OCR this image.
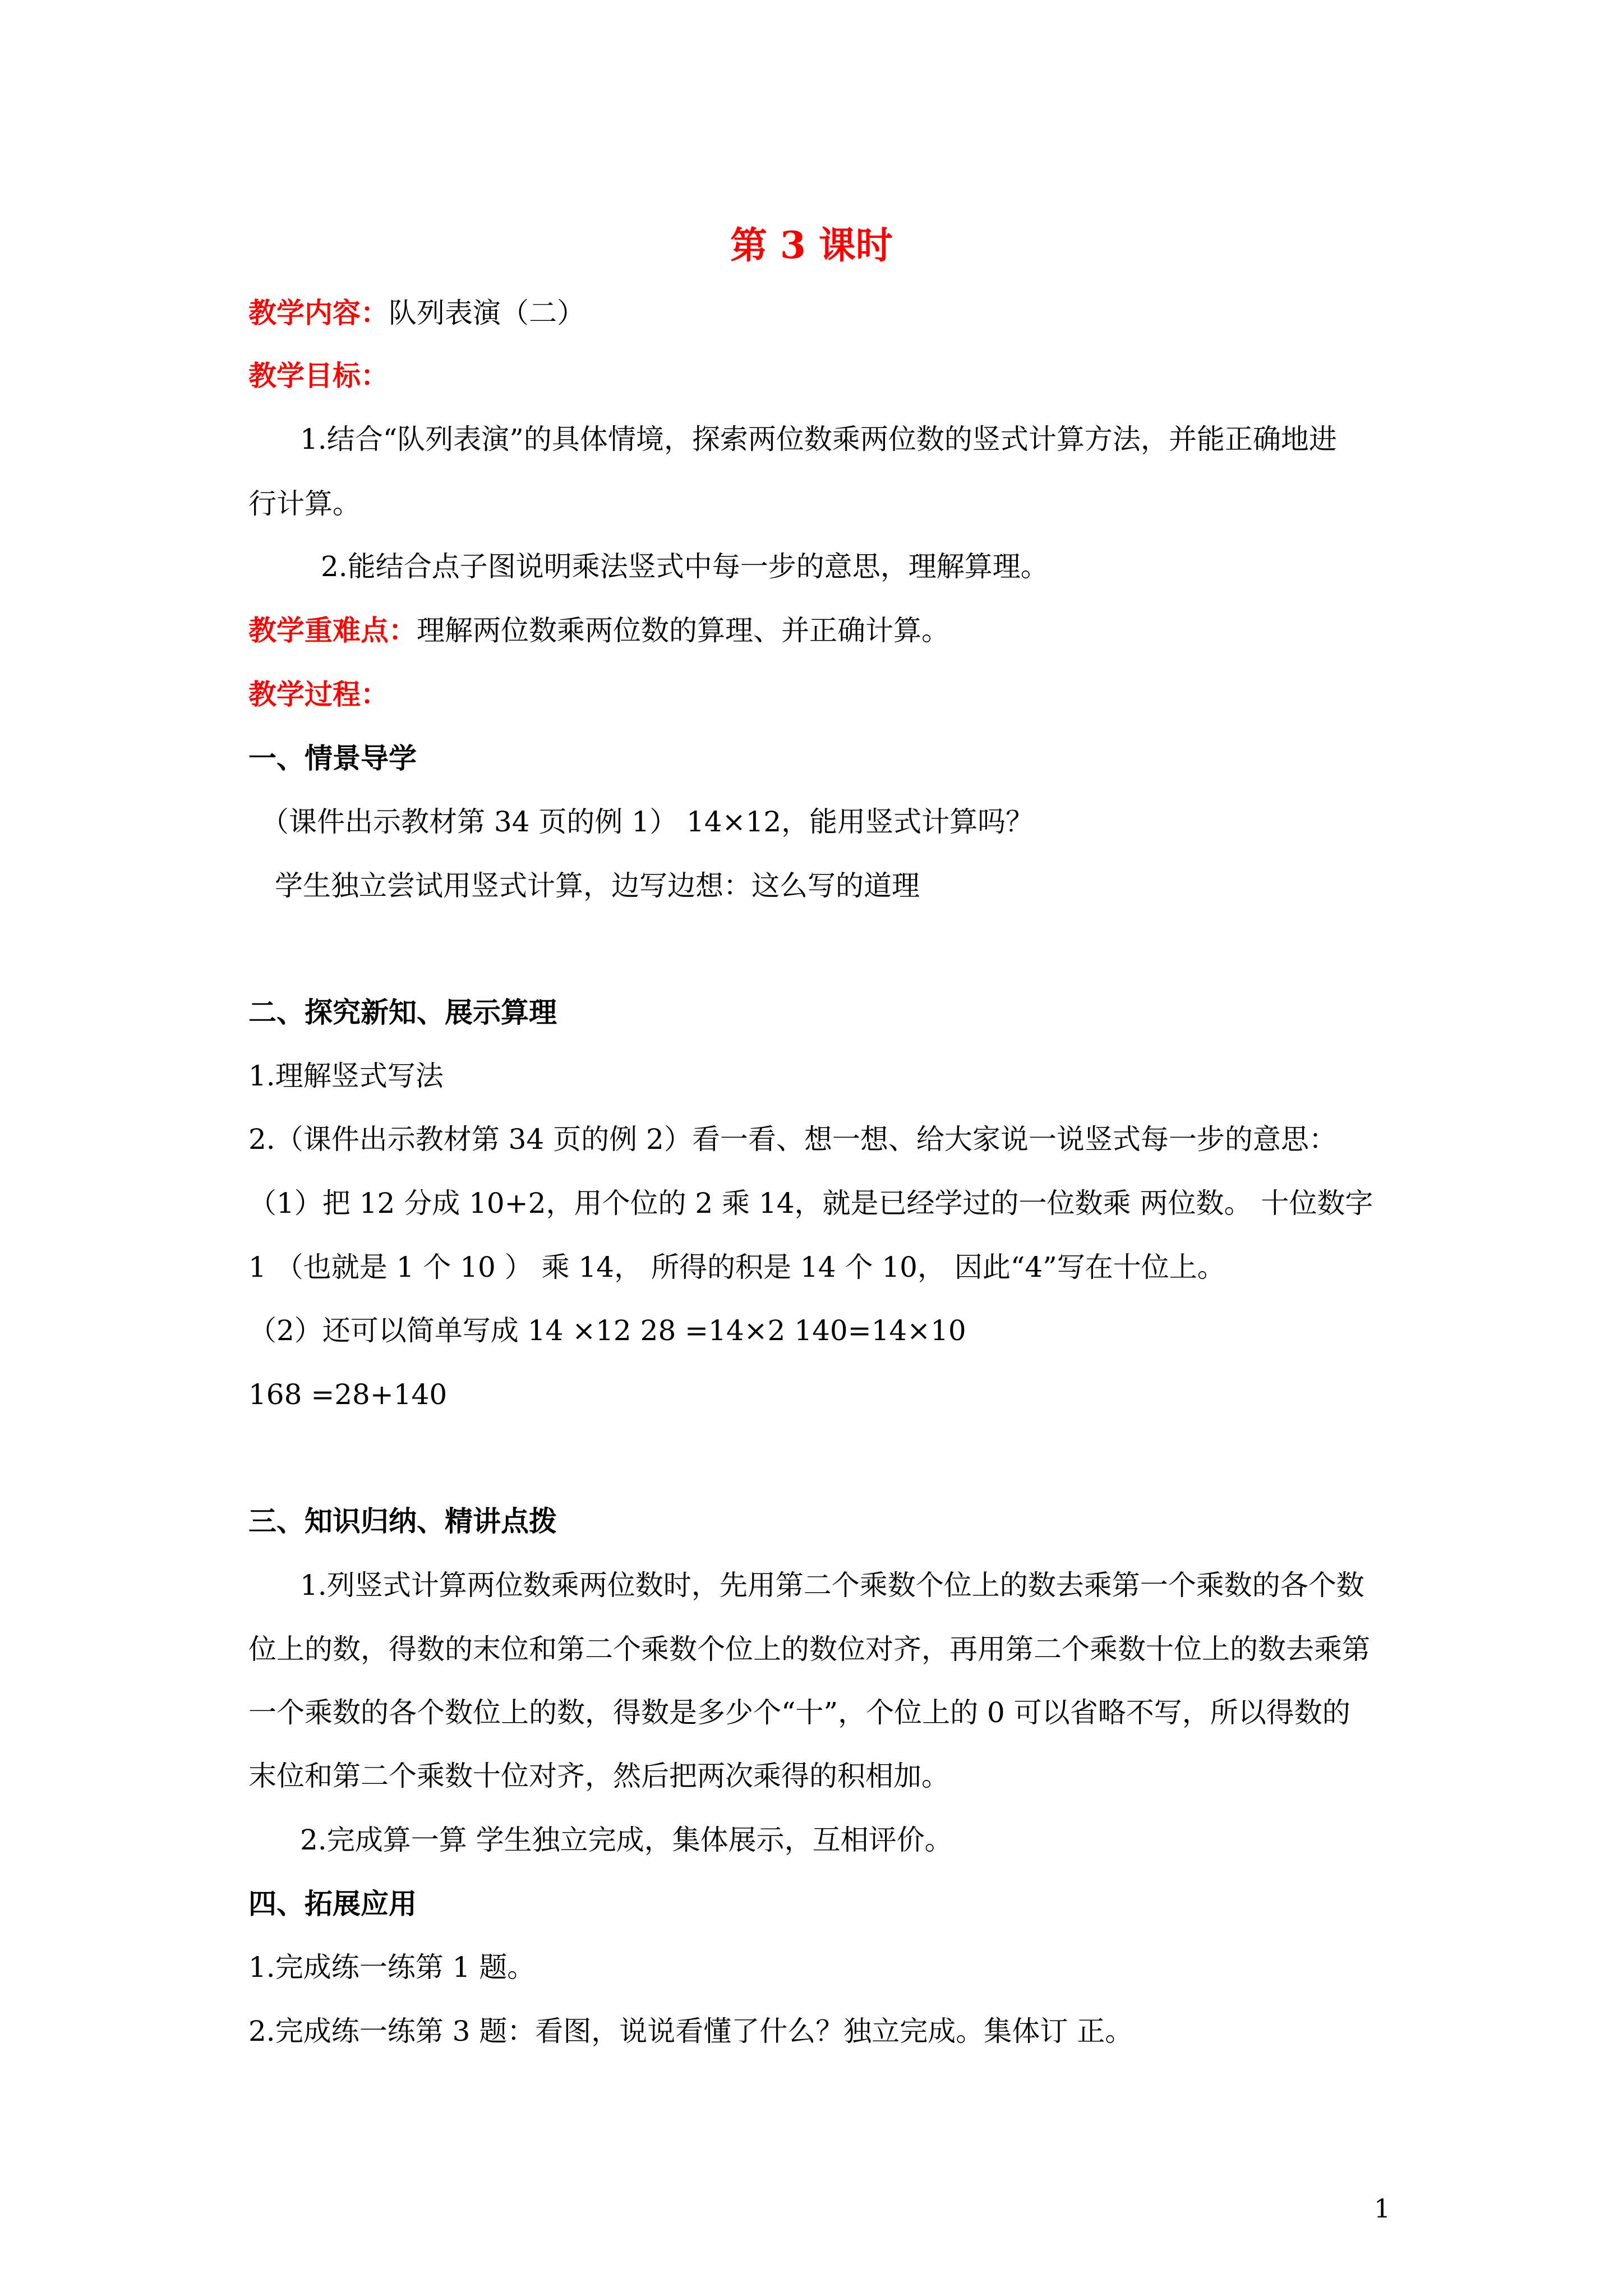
第 3 课时
教学内容：队列表演（二）
教学目标：
1.结合“队列表演”的具体情境，探索两位数乘两位数的竖式计算方法，并能正确地进
行计算。
2.能结合点子图说明乘法竖式中每一步的意思，理解算理。
教学重难点：理解两位数乘两位数的算理、并正确计算。
教学过程：
一、情景导学
（课件出示教材第 34 页的例 1） 14×12，能用竖式计算吗？
学生独立尝试用竖式计算，边写边想：这么写的道理
二、探究新知、展示算理
1.理解竖式写法
2.（课件出示教材第 34 页的例 2）看一看、想一想、给大家说一说竖式每一步的意思：
（1）把 12 分成 10+2，用个位的 2 乘 14，就是已经学过的一位数乘 两位数。 十位数字
1 （也就是 1 个 10 ） 乘 14， 所得的积是 14 个 10， 因此“4”写在十位上。
（2）还可以简单写成 14 ×12 28 =14×2 140=14×10
168 =28+140
三、知识归纳、精讲点拨
1.列竖式计算两位数乘两位数时，先用第二个乘数个位上的数去乘第一个乘数的各个数
位上的数，得数的末位和第二个乘数个位上的数位对齐，再用第二个乘数十位上的数去乘第
一个乘数的各个数位上的数，得数是多少个“十”，个位上的 0 可以省略不写，所以得数的
末位和第二个乘数十位对齐，然后把两次乘得的积相加。
2.完成算一算 学生独立完成，集体展示，互相评价。
四、拓展应用
1.完成练一练第 1 题。
2.完成练一练第 3 题：看图，说说看懂了什么？独立完成。集体订 正。
1
